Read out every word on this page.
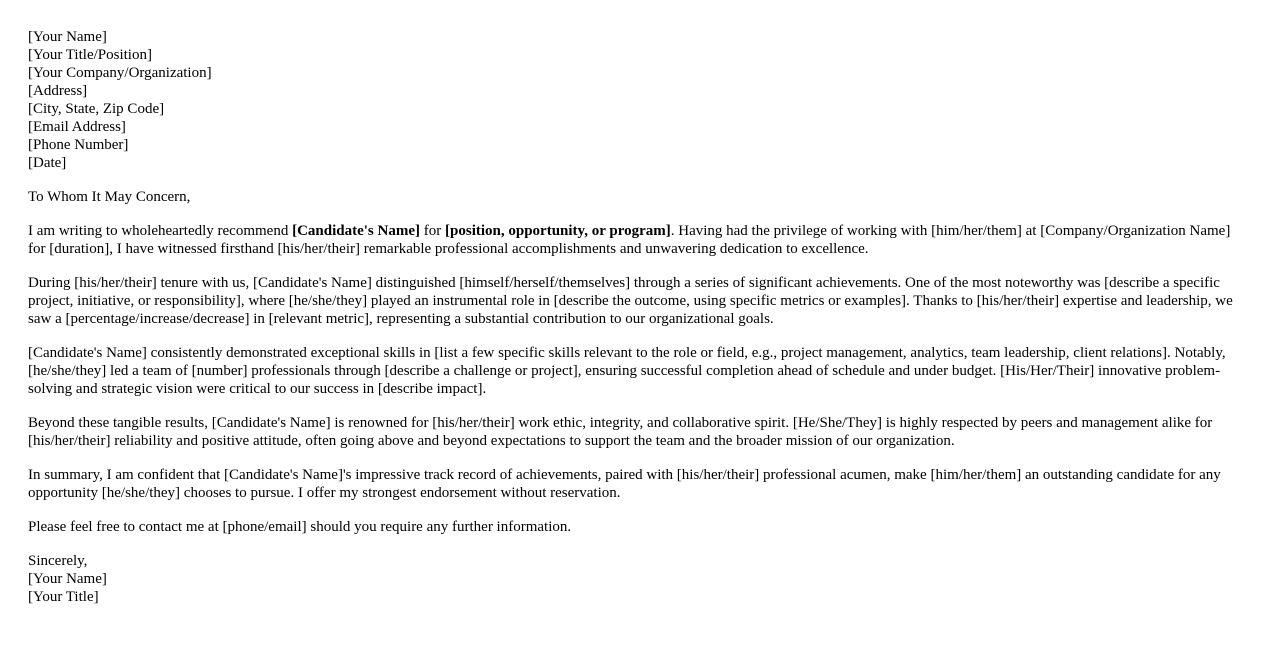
[Your Name]
[Your Title/Position]
[Your Company/Organization]
[Address]
[City, State, Zip Code]
[Email Address]
[Phone Number]
[Date]

To Whom It May Concern,

I am writing to wholeheartedly recommend [Candidate's Name] for [position, opportunity, or program]. Having had the privilege of working with [him/her/them] at [Company/Organization Name] for [duration], I have witnessed firsthand [his/her/their] remarkable professional accomplishments and unwavering dedication to excellence.

During [his/her/their] tenure with us, [Candidate's Name] distinguished [himself/herself/themselves] through a series of significant achievements. One of the most noteworthy was [describe a specific project, initiative, or responsibility], where [he/she/they] played an instrumental role in [describe the outcome, using specific metrics or examples]. Thanks to [his/her/their] expertise and leadership, we saw a [percentage/increase/decrease] in [relevant metric], representing a substantial contribution to our organizational goals.

[Candidate's Name] consistently demonstrated exceptional skills in [list a few specific skills relevant to the role or field, e.g., project management, analytics, team leadership, client relations]. Notably, [he/she/they] led a team of [number] professionals through [describe a challenge or project], ensuring successful completion ahead of schedule and under budget. [His/Her/Their] innovative problem-solving and strategic vision were critical to our success in [describe impact].

Beyond these tangible results, [Candidate's Name] is renowned for [his/her/their] work ethic, integrity, and collaborative spirit. [He/She/They] is highly respected by peers and management alike for [his/her/their] reliability and positive attitude, often going above and beyond expectations to support the team and the broader mission of our organization.

In summary, I am confident that [Candidate's Name]'s impressive track record of achievements, paired with [his/her/their] professional acumen, make [him/her/them] an outstanding candidate for any opportunity [he/she/they] chooses to pursue. I offer my strongest endorsement without reservation.

Please feel free to contact me at [phone/email] should you require any further information.

Sincerely,
[Your Name]
[Your Title]
